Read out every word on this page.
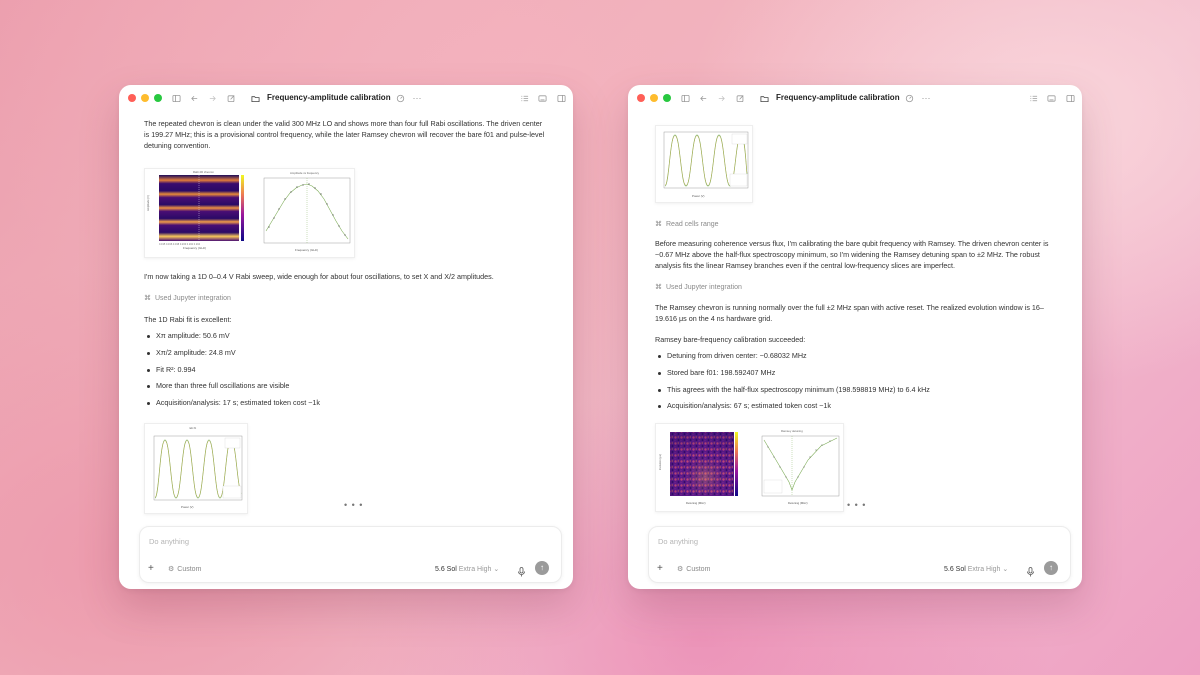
Frequency-amplitude calibration ⋯
The repeated chevron is clean under the valid 300 MHz LO and shows more than four full Rabi oscillations. The driven center is 199.27 MHz; this is a provisional control frequency, while the later Ramsey chevron will recover the bare f01 and pulse-level detuning convention.
Rabi 2D chevron
Amplitude (V)
Frequency (GHz)
0.195 0.196 0.198 0.200 0.202 0.204
Amplitude vs frequency
Frequency (GHz)
I'm now taking a 1D 0–0.4 V Rabi sweep, wide enough for about four oscillations, to set X and X/2 amplitudes.
⌘ Used Jupyter integration
The 1D Rabi fit is excellent:
Xπ amplitude: 50.6 mV
Xπ/2 amplitude: 24.8 mV
Fit R²: 0.994
More than three full oscillations are visible
Acquisition/analysis: 17 s; estimated token cost ~1k
rabi fit
Power (V)	• • •
Do anything
+ ⚙ Custom	5.6 Sol Extra High ⌄	↑
Frequency-amplitude calibration ⋯
Power (V)
⌘ Read cells range
Before measuring coherence versus flux, I'm calibrating the bare qubit frequency with Ramsey. The driven chevron center is ~0.67 MHz above the half-flux spectroscopy minimum, so I'm widening the Ramsey detuning span to ±2 MHz. The robust analysis fits the linear Ramsey branches even if the central low-frequency slices are imperfect.
⌘ Used Jupyter integration
The Ramsey chevron is running normally over the full ±2 MHz span with active reset. The realized evolution window is 16–19.616 μs on the 4 ns hardware grid.
Ramsey bare-frequency calibration succeeded:
Detuning from driven center: −0.68032 MHz
Stored bare f01: 198.592407 MHz
This agrees with the half-flux spectroscopy minimum (198.598819 MHz) to 6.4 kHz
Acquisition/analysis: 67 s; estimated token cost ~1k
Evolution (μs)
Detuning (MHz)
Ramsey detuning
Detuning (MHz)	• • •
Do anything
+ ⚙ Custom	5.6 Sol Extra High ⌄	↑
